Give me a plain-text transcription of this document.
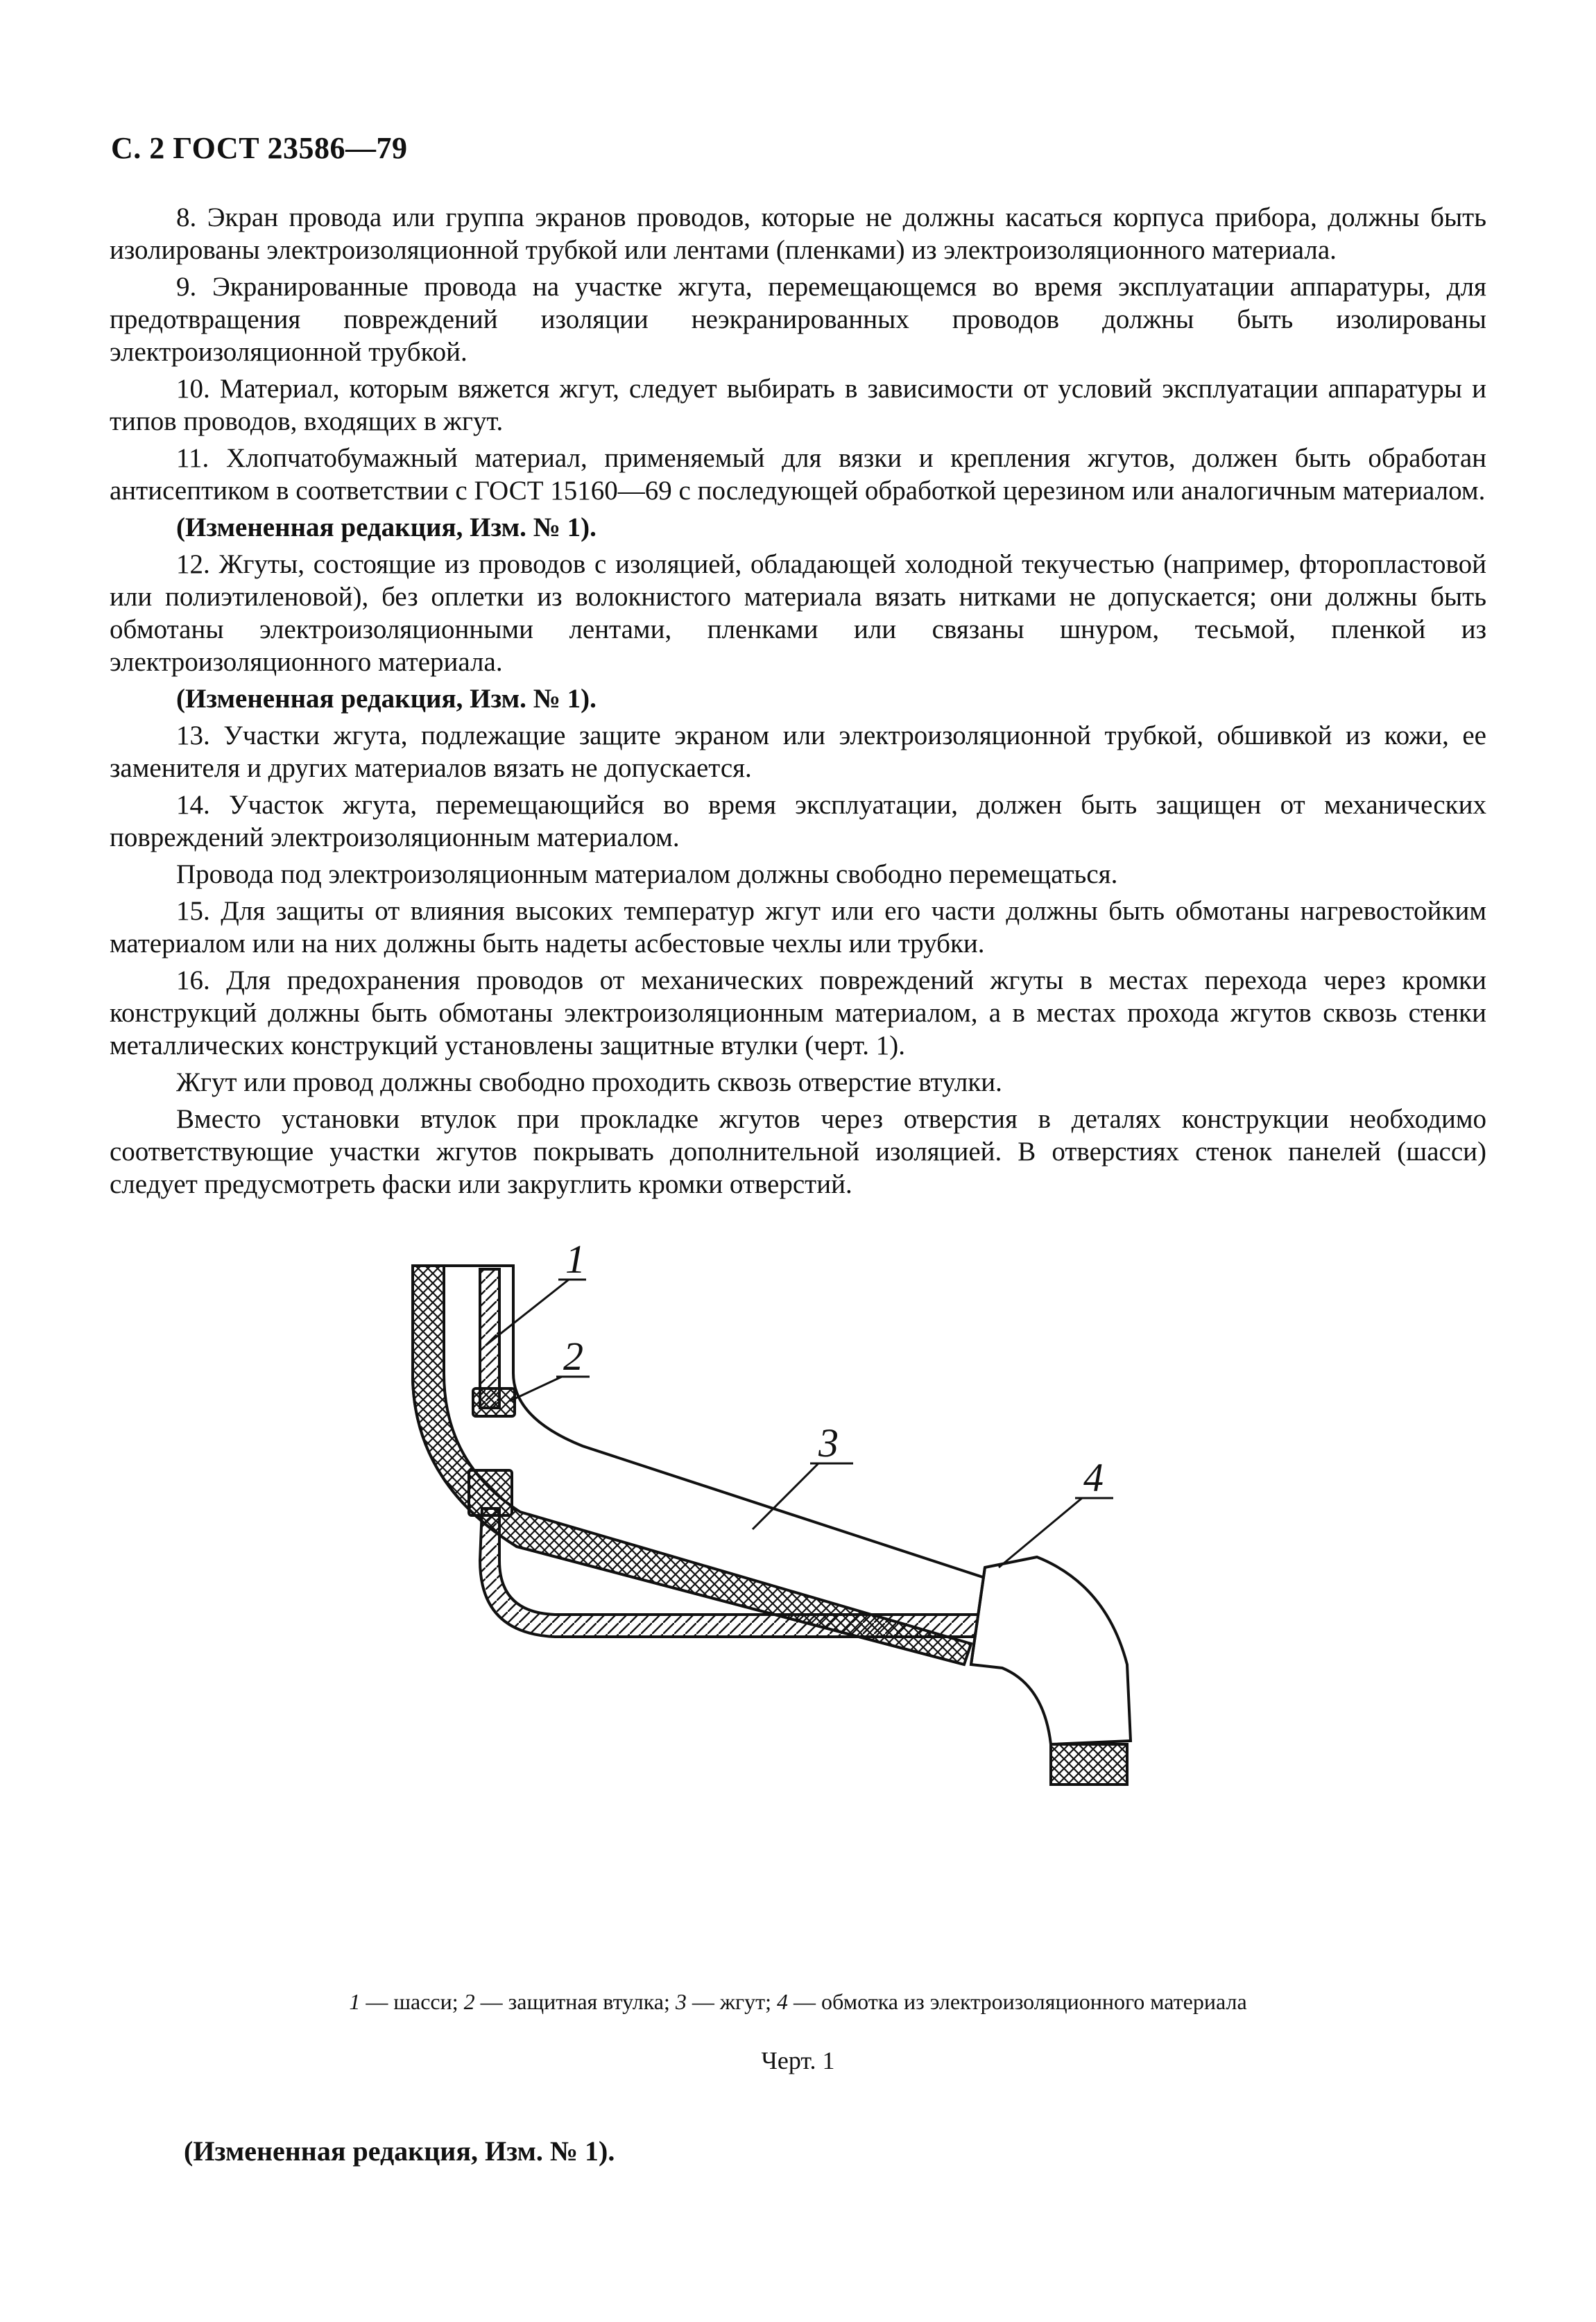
С. 2 ГОСТ 23586—79

8. Экран провода или группа экранов проводов, которые не должны касаться корпуса прибора, должны быть изолированы электроизоляционной трубкой или лентами (пленками) из электроизоляционного материала.

9. Экранированные провода на участке жгута, перемещающемся во время эксплуатации аппаратуры, для предотвращения повреждений изоляции неэкранированных проводов должны быть изолированы электроизоляционной трубкой.

10. Материал, которым вяжется жгут, следует выбирать в зависимости от условий эксплуатации аппаратуры и типов проводов, входящих в жгут.

11. Хлопчатобумажный материал, применяемый для вязки и крепления жгутов, должен быть обработан антисептиком в соответствии с ГОСТ 15160—69 с последующей обработкой церезином или аналогичным материалом.

(Измененная редакция, Изм. № 1).

12. Жгуты, состоящие из проводов с изоляцией, обладающей холодной текучестью (например, фторопластовой или полиэтиленовой), без оплетки из волокнистого материала вязать нитками не допускается; они должны быть обмотаны электроизоляционными лентами, пленками или связаны шнуром, тесьмой, пленкой из электроизоляционного материала.

(Измененная редакция, Изм. № 1).

13. Участки жгута, подлежащие защите экраном или электроизоляционной трубкой, обшивкой из кожи, ее заменителя и других материалов вязать не допускается.

14. Участок жгута, перемещающийся во время эксплуатации, должен быть защищен от механических повреждений электроизоляционным материалом.

Провода под электроизоляционным материалом должны свободно перемещаться.

15. Для защиты от влияния высоких температур жгут или его части должны быть обмотаны нагревостойким материалом или на них должны быть надеты асбестовые чехлы или трубки.

16. Для предохранения проводов от механических повреждений жгуты в местах перехода через кромки конструкций должны быть обмотаны электроизоляционным материалом, а в местах прохода жгутов сквозь стенки металлических конструкций установлены защитные втулки (черт. 1).

Жгут или провод должны свободно проходить сквозь отверстие втулки.

Вместо установки втулок при прокладке жгутов через отверстия в деталях конструкции необходимо соответствующие участки жгутов покрывать дополнительной изоляцией. В отверстиях стенок панелей (шасси) следует предусмотреть фаски или закруглить кромки отверстий.

1
2
3
4
1 — шасси; 2 — защитная втулка; 3 — жгут; 4 — обмотка из электроизоляционного материала
Черт. 1
(Измененная редакция, Изм. № 1).
